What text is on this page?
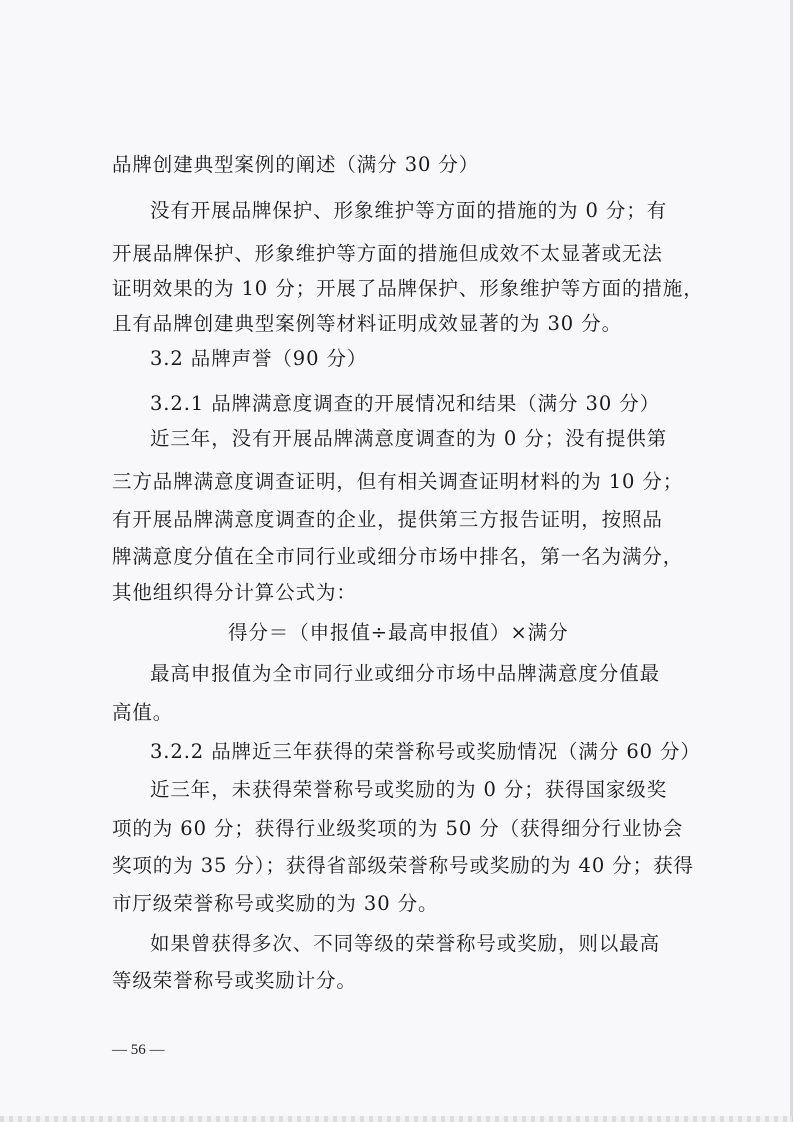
品牌创建典型案例的阐述（满分 30 分）
没有开展品牌保护、形象维护等方面的措施的为 0 分；有
开展品牌保护、形象维护等方面的措施但成效不太显著或无法
证明效果的为 10 分；开展了品牌保护、形象维护等方面的措施，
且有品牌创建典型案例等材料证明成效显著的为 30 分。
3.2 品牌声誉（90 分）
3.2.1 品牌满意度调查的开展情况和结果（满分 30 分）
近三年，没有开展品牌满意度调查的为 0 分；没有提供第
三方品牌满意度调查证明，但有相关调查证明材料的为 10 分；
有开展品牌满意度调查的企业，提供第三方报告证明，按照品
牌满意度分值在全市同行业或细分市场中排名，第一名为满分，
其他组织得分计算公式为：
得分＝（申报值÷最高申报值）×满分
最高申报值为全市同行业或细分市场中品牌满意度分值最
高值。
3.2.2 品牌近三年获得的荣誉称号或奖励情况（满分 60 分）
近三年，未获得荣誉称号或奖励的为 0 分；获得国家级奖
项的为 60 分；获得行业级奖项的为 50 分（获得细分行业协会
奖项的为 35 分）；获得省部级荣誉称号或奖励的为 40 分；获得
市厅级荣誉称号或奖励的为 30 分。
如果曾获得多次、不同等级的荣誉称号或奖励，则以最高
等级荣誉称号或奖励计分。
— 56 —
